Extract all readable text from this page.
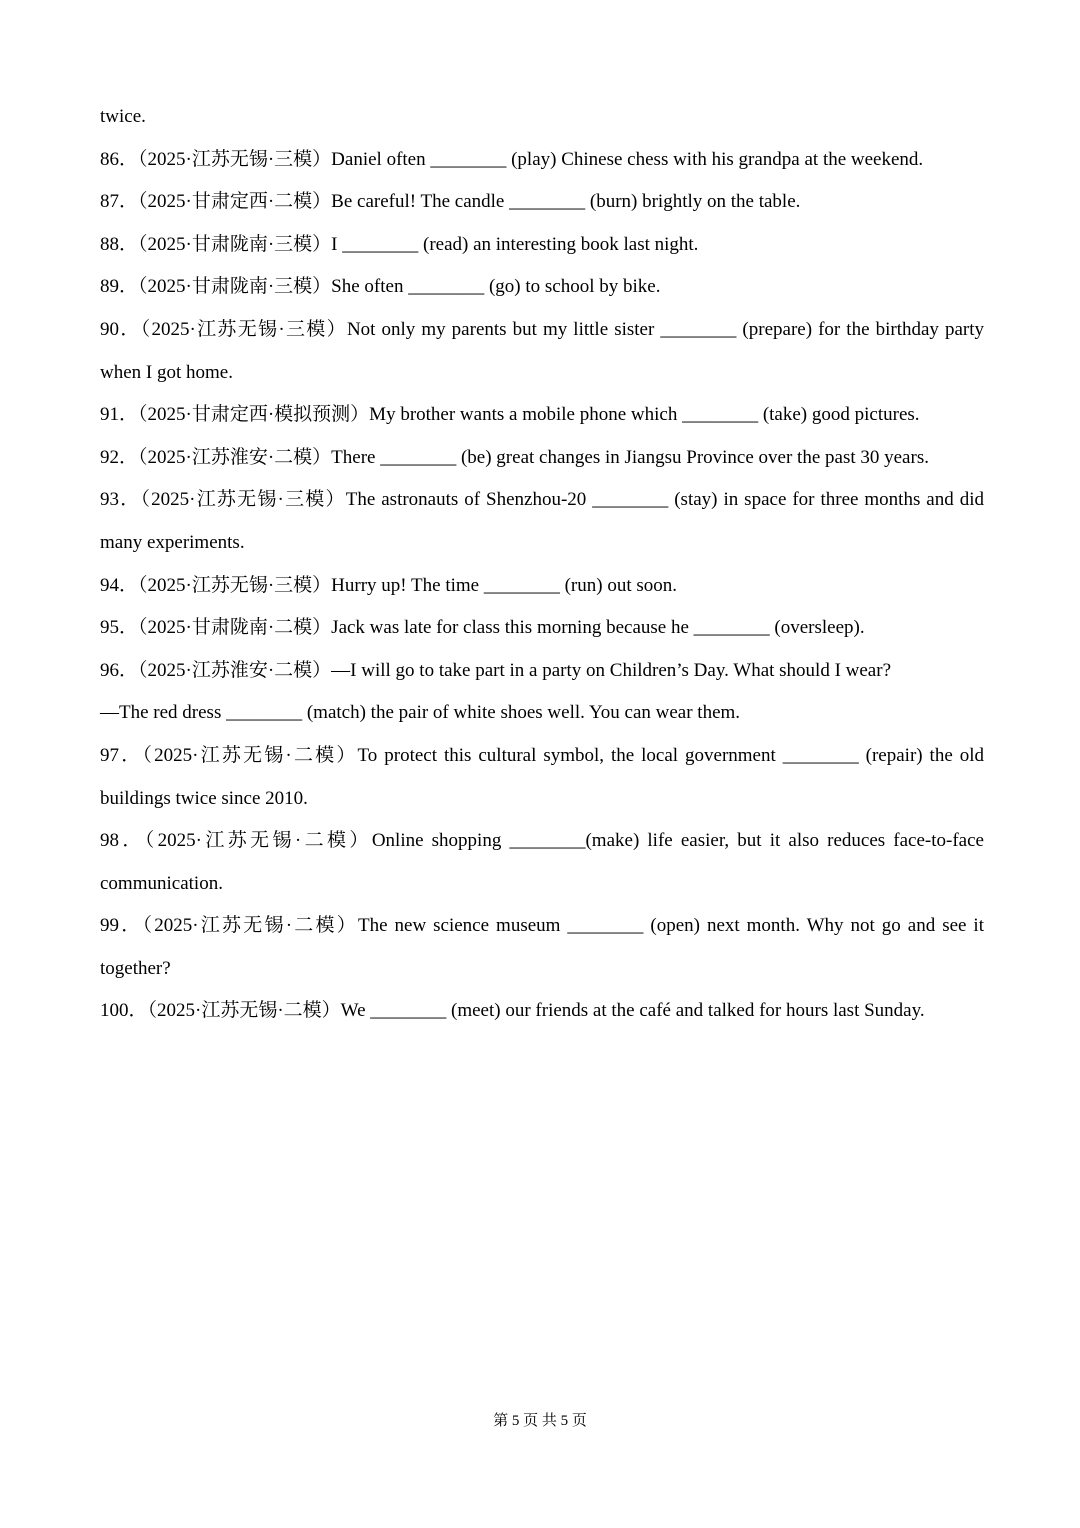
twice.

86．（2025·江苏无锡·三模）Daniel often ________ (play) Chinese chess with his grandpa at the weekend.

87．（2025·甘肃定西·二模）Be careful! The candle ________ (burn) brightly on the table.

88．（2025·甘肃陇南·三模）I ________ (read) an interesting book last night.

89．（2025·甘肃陇南·三模）She often ________ (go) to school by bike.

90．（2025·江苏无锡·三模）Not only my parents but my little sister ________ (prepare) for the birthday party when I got home.

91．（2025·甘肃定西·模拟预测）My brother wants a mobile phone which ________ (take) good pictures.

92．（2025·江苏淮安·二模）There ________ (be) great changes in Jiangsu Province over the past 30 years.

93．（2025·江苏无锡·三模）The astronauts of Shenzhou-20 ________ (stay) in space for three months and did many experiments.

94．（2025·江苏无锡·三模）Hurry up! The time ________ (run) out soon.

95．（2025·甘肃陇南·二模）Jack was late for class this morning because he ________ (oversleep).

96．（2025·江苏淮安·二模）—I will go to take part in a party on Children’s Day. What should I wear?

—The red dress ________ (match) the pair of white shoes well. You can wear them.

97．（2025·江苏无锡·二模）To protect this cultural symbol, the local government ________ (repair) the old buildings twice since 2010.

98．（2025·江苏无锡·二模）Online shopping ________(make) life easier, but it also reduces face-to-face communication.

99．（2025·江苏无锡·二模）The new science museum ________ (open) next month. Why not go and see it together?

100．（2025·江苏无锡·二模）We ________ (meet) our friends at the café and talked for hours last Sunday.

第 5 页 共 5 页
